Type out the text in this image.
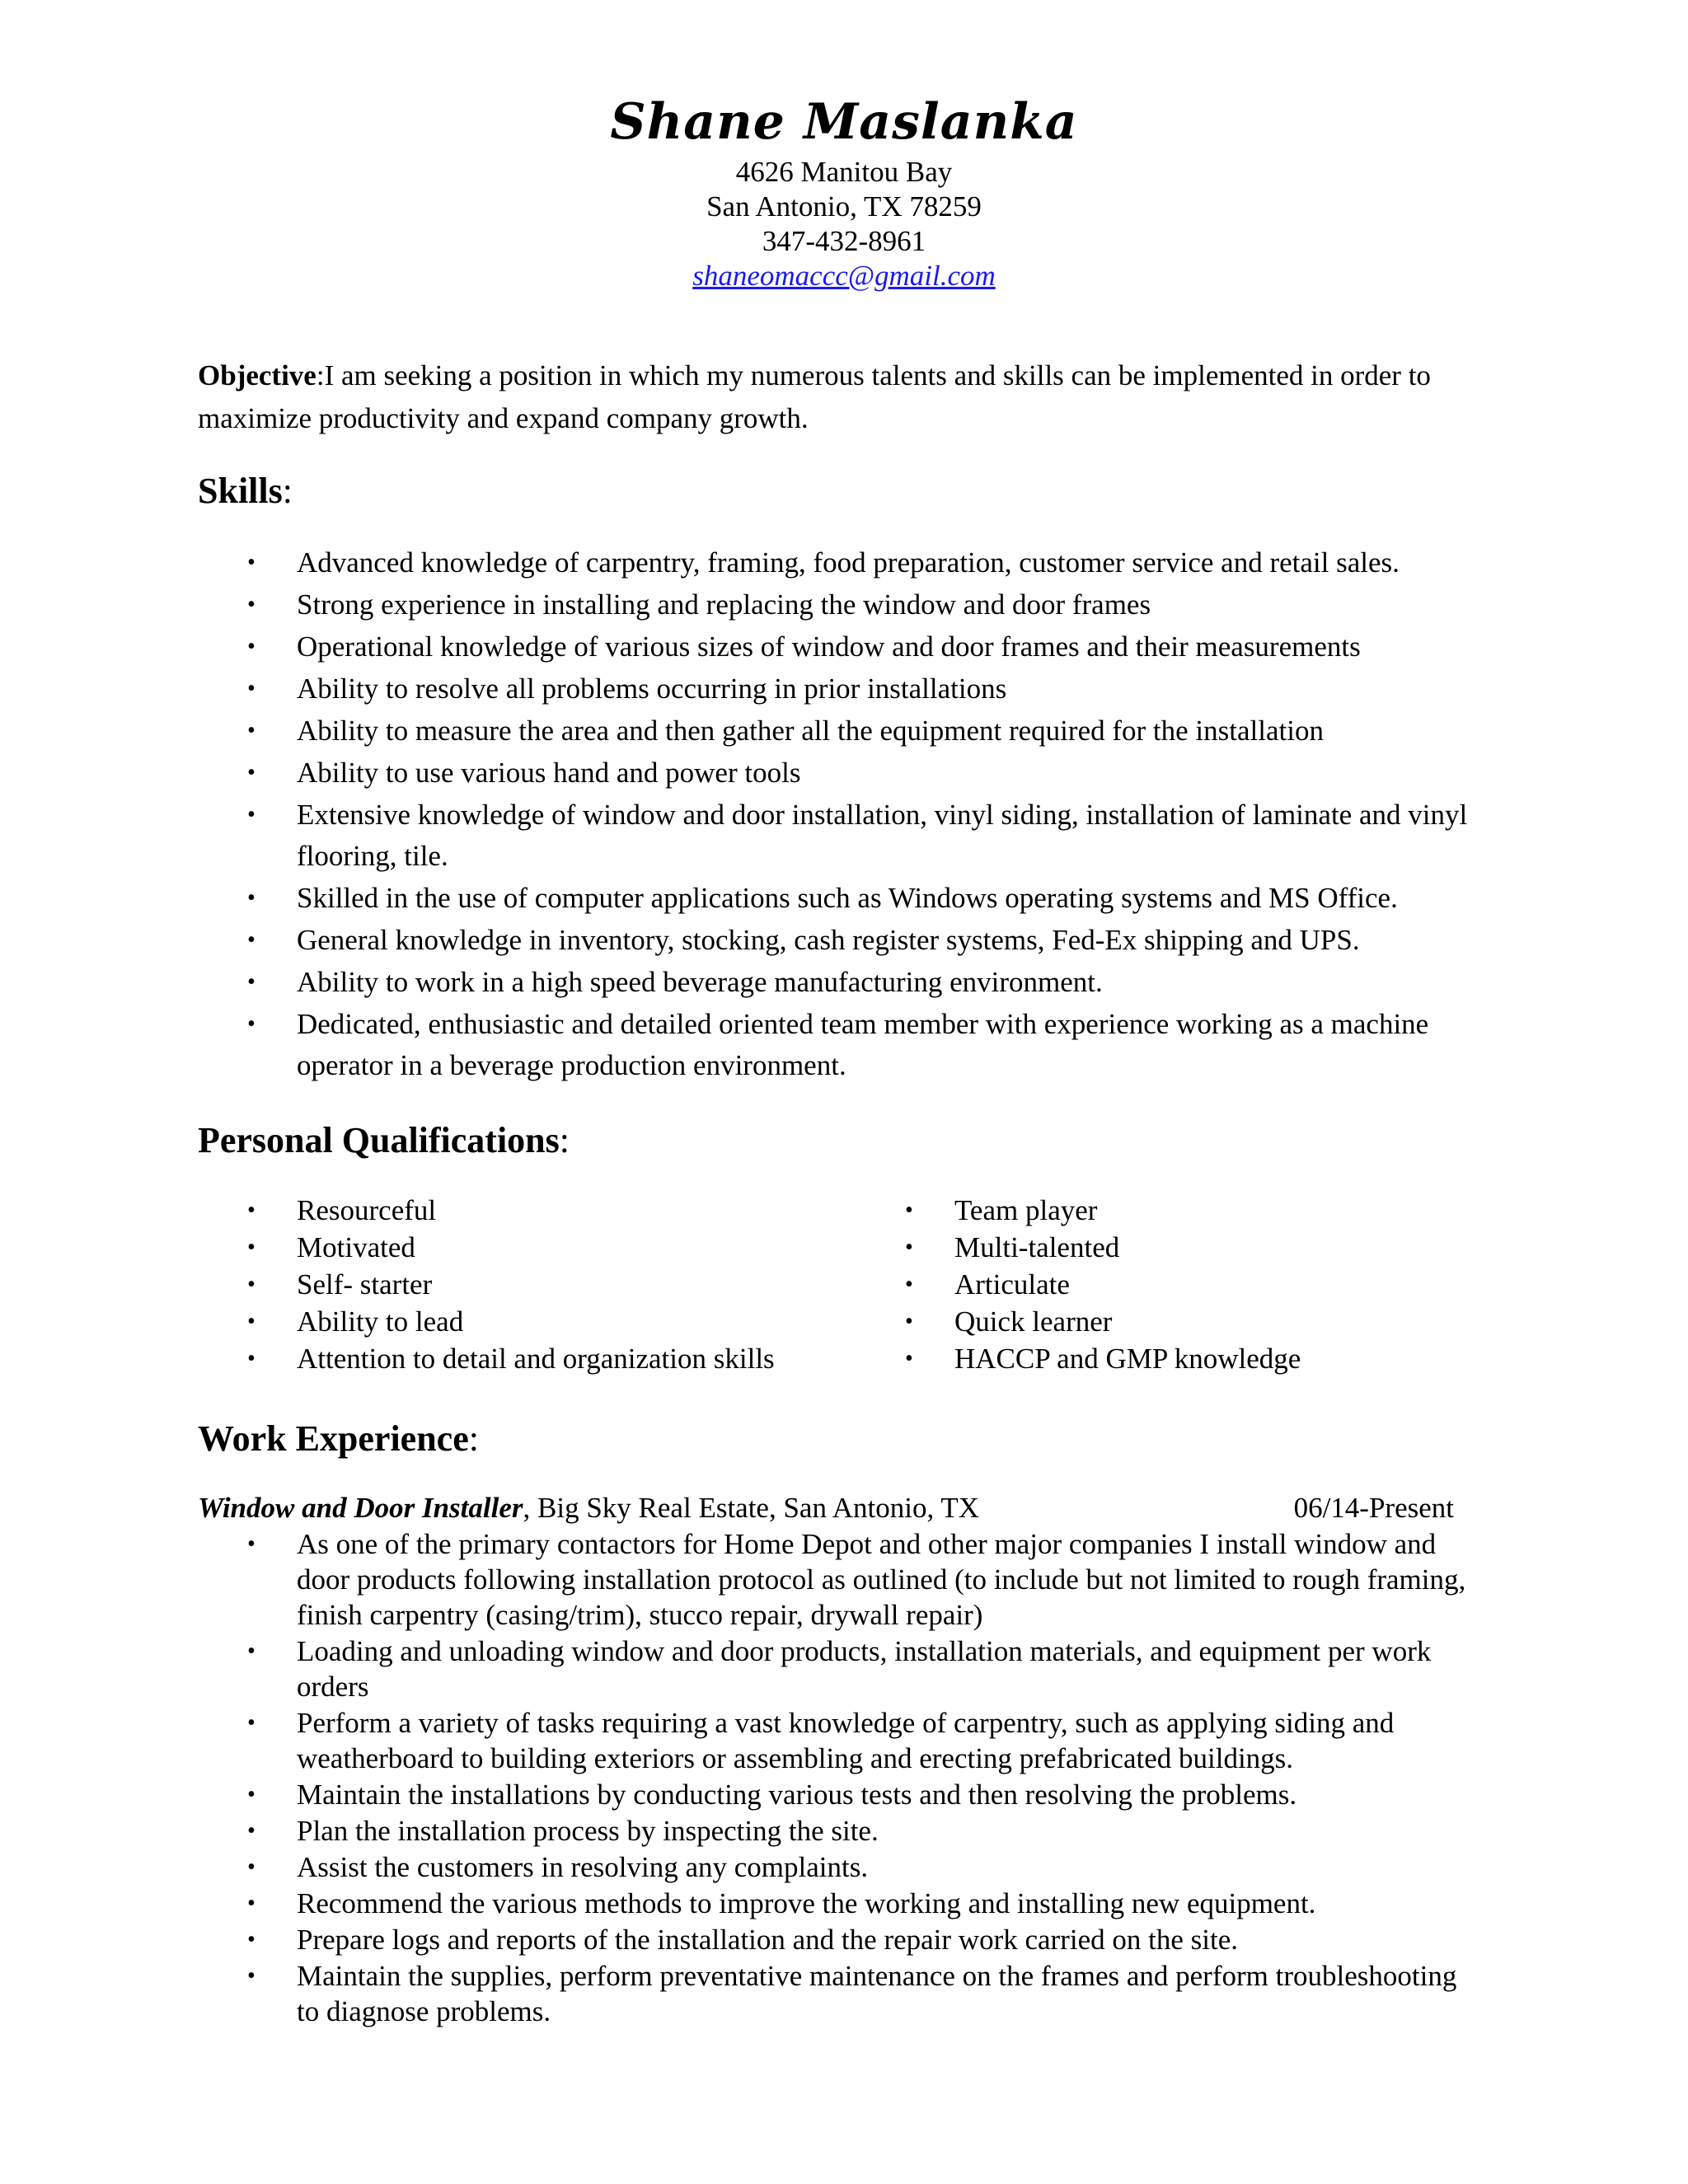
Shane Maslanka
4626 Manitou Bay
San Antonio, TX 78259
347-432-8961
shaneomaccc@gmail.com
Objective:I am seeking a position in which my numerous talents and skills can be implemented in order to maximize productivity and expand company growth.
Skills:
• Advanced knowledge of carpentry, framing, food preparation, customer service and retail sales.
• Strong experience in installing and replacing the window and door frames
• Operational knowledge of various sizes of window and door frames and their measurements
• Ability to resolve all problems occurring in prior installations
• Ability to measure the area and then gather all the equipment required for the installation
• Ability to use various hand and power tools
• Extensive knowledge of window and door installation, vinyl siding, installation of laminate and vinyl flooring, tile.
• Skilled in the use of computer applications such as Windows operating systems and MS Office.
• General knowledge in inventory, stocking, cash register systems, Fed-Ex shipping and UPS.
• Ability to work in a high speed beverage manufacturing environment.
• Dedicated, enthusiastic and detailed oriented team member with experience working as a machine operator in a beverage production environment.
Personal Qualifications:
• Resourceful
• Motivated
• Self- starter
• Ability to lead
• Attention to detail and organization skills
• Team player
• Multi-talented
• Articulate
• Quick learner
• HACCP and GMP knowledge
Work Experience:
Window and Door Installer, Big Sky Real Estate, San Antonio, TX	06/14-Present
• As one of the primary contactors for Home Depot and other major companies I install window and door products following installation protocol as outlined (to include but not limited to rough framing, finish carpentry (casing/trim), stucco repair, drywall repair)
• Loading and unloading window and door products, installation materials, and equipment per work orders
• Perform a variety of tasks requiring a vast knowledge of carpentry, such as applying siding and weatherboard to building exteriors or assembling and erecting prefabricated buildings.
• Maintain the installations by conducting various tests and then resolving the problems.
• Plan the installation process by inspecting the site.
• Assist the customers in resolving any complaints.
• Recommend the various methods to improve the working and installing new equipment.
• Prepare logs and reports of the installation and the repair work carried on the site.
• Maintain the supplies, perform preventative maintenance on the frames and perform troubleshooting to diagnose problems.
